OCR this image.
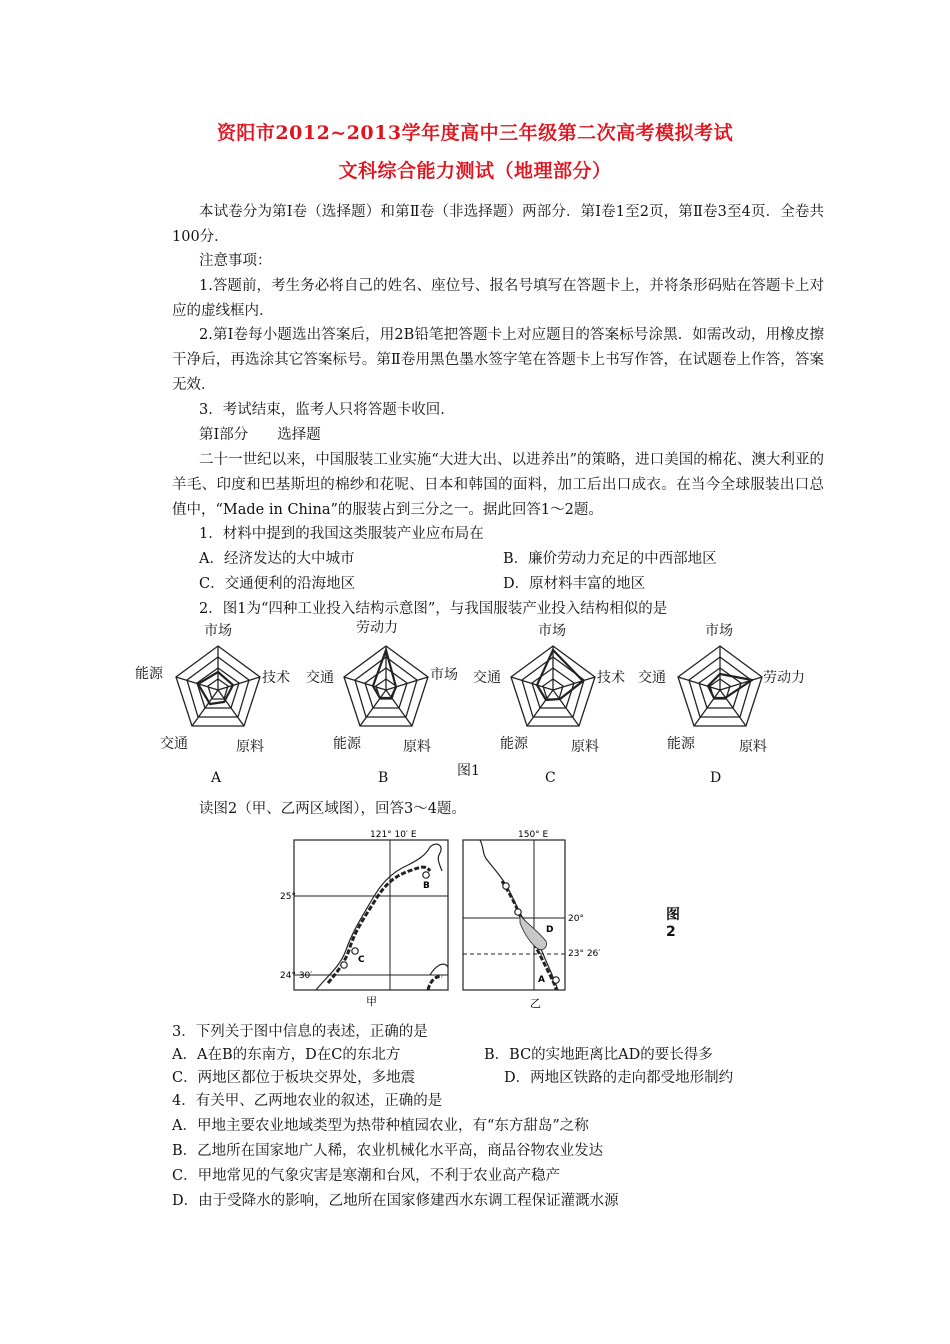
资阳市2012~2013学年度高中三年级第二次高考模拟考试
文科综合能力测试（地理部分）
本试卷分为第Ⅰ卷（选择题）和第Ⅱ卷（非选择题）两部分．第Ⅰ卷1至2页，第Ⅱ卷3至4页．全卷共100分．
注意事项：
1.答题前，考生务必将自己的姓名、座位号、报名号填写在答题卡上，并将条形码贴在答题卡上对应的虚线框内．
2.第Ⅰ卷每小题选出答案后，用2B铅笔把答题卡上对应题目的答案标号涂黑．如需改动，用橡皮擦干净后，再选涂其它答案标号。第Ⅱ卷用黑色墨水签字笔在答题卡上书写作答，在试题卷上作答，答案无效．
3．考试结束，监考人只将答题卡收回．
第Ⅰ部分　　选择题
二十一世纪以来，中国服装工业实施“大进大出、以进养出”的策略，进口美国的棉花、澳大利亚的羊毛、印度和巴基斯坦的棉纱和花呢、日本和韩国的面料，加工后出口成衣。在当今全球服装出口总值中，“Made in China”的服装占到三分之一。据此回答1～2题。
1．材料中提到的我国这类服装产业应布局在
A．经济发达的大中城市	B．廉价劳动力充足的中西部地区
C．交通便利的沿海地区	D．原材料丰富的地区
2．图1为“四种工业投入结构示意图”，与我国服装产业投入结构相似的是
市场
技术
原料
交通
能源
A
劳动力
市场
原料
能源
交通
B
市场
技术
原料
能源
交通
C
市场
劳动力
原料
能源
交通
D
图1
读图2（甲、乙两区域图），回答3～4题。
121° 10′ E
25°
24° 30′
B
C
甲
150° E
20°
23° 26′
D
A
乙
图2
3．下列关于图中信息的表述，正确的是
A．A在B的东南方，D在C的东北方	B．BC的实地距离比AD的要长得多
C．两地区都位于板块交界处，多地震	D．两地区铁路的走向都受地形制约
4．有关甲、乙两地农业的叙述，正确的是
A．甲地主要农业地域类型为热带种植园农业，有“东方甜岛”之称
B．乙地所在国家地广人稀，农业机械化水平高，商品谷物农业发达
C．甲地常见的气象灾害是寒潮和台风，不利于农业高产稳产
D．由于受降水的影响，乙地所在国家修建西水东调工程保证灌溉水源
